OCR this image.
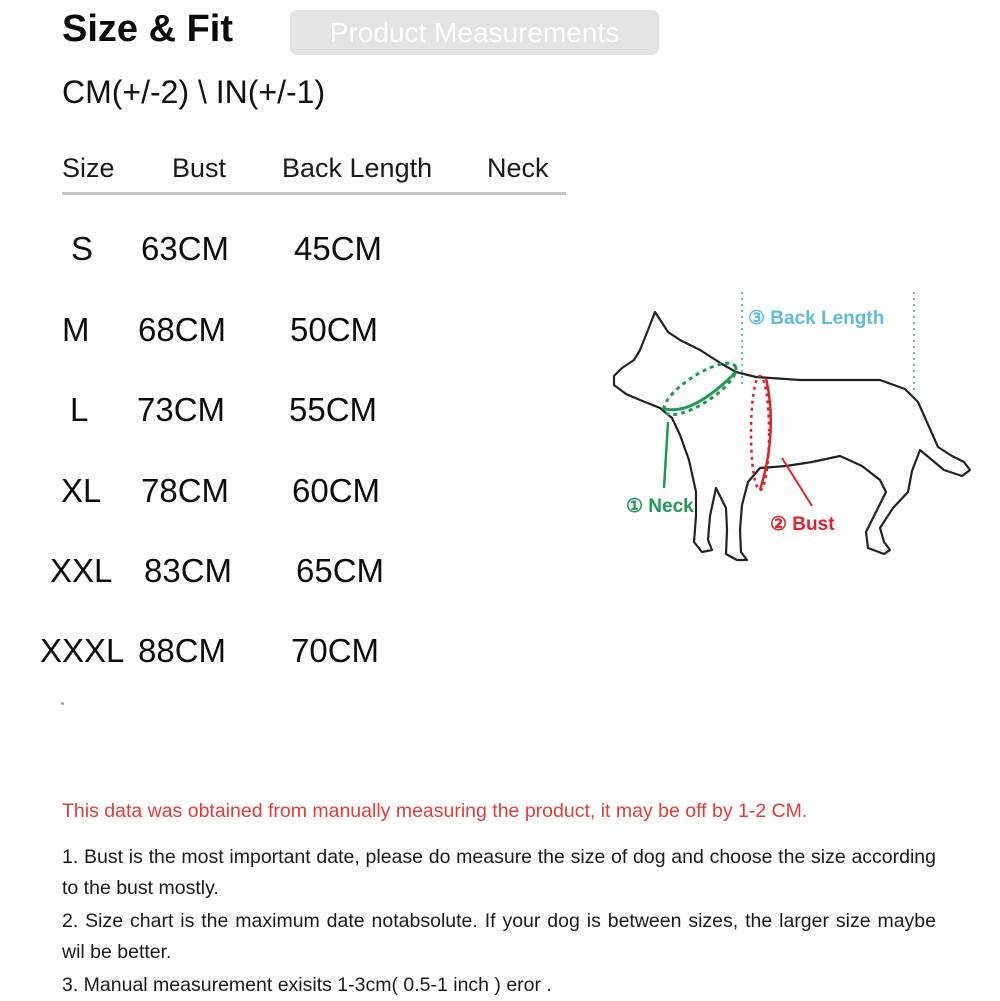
Size & Fit	Product Measurements
CM(+/-2) \ IN(+/-1)
Size Bust Back Length Neck
S 63CM 45CM
M 68CM 50CM
L 73CM 55CM
XL 78CM 60CM
XXL 83CM 65CM
XXXL 88CM 70CM
③ Back Length
① Neck
② Bust
This data was obtained from manually measuring the product, it may be off by 1-2 CM.
1. Bust is the most important date, please do measure the size of dog and choose the size according to the bust mostly.
2. Size chart is the maximum date notabsolute. If your dog is between sizes, the larger size maybe wil be better.
3. Manual measurement exisits 1-3cm( 0.5-1 inch ) eror .
